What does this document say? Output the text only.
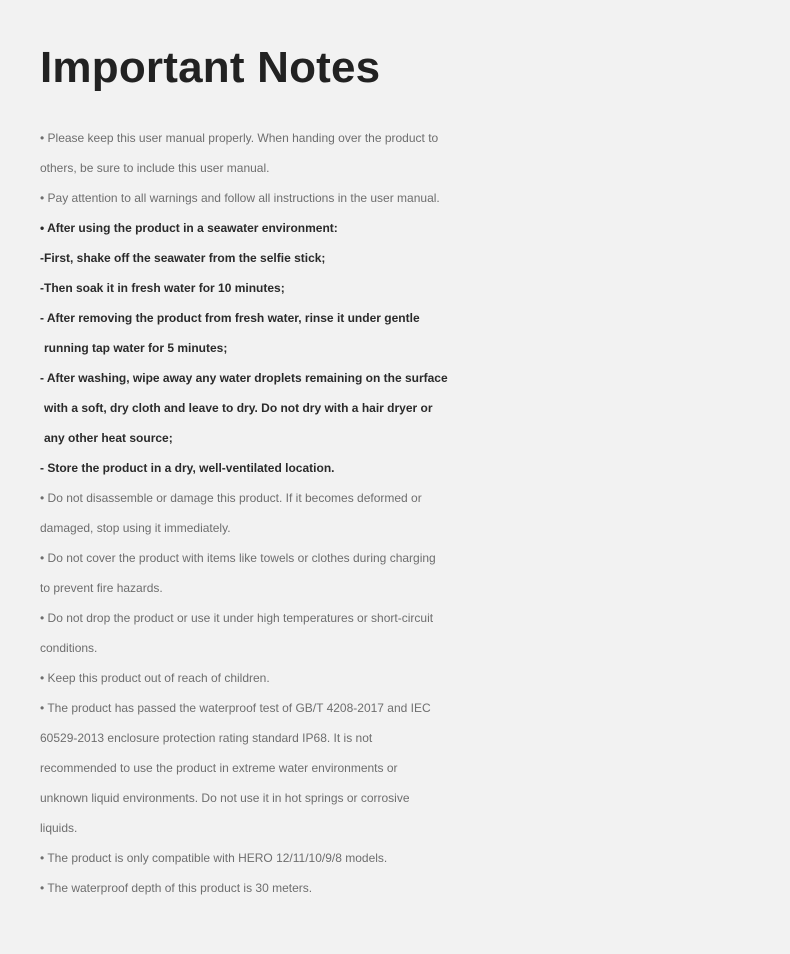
Important Notes
• Please keep this user manual properly. When handing over the product to
others, be sure to include this user manual.
• Pay attention to all warnings and follow all instructions in the user manual.
• After using the product in a seawater environment:
-First, shake off the seawater from the selfie stick;
-Then soak it in fresh water for 10 minutes;
- After removing the product from fresh water, rinse it under gentle
running tap water for 5 minutes;
- After washing, wipe away any water droplets remaining on the surface
with a soft, dry cloth and leave to dry. Do not dry with a hair dryer or
any other heat source;
- Store the product in a dry, well-ventilated location.
• Do not disassemble or damage this product. If it becomes deformed or
damaged, stop using it immediately.
• Do not cover the product with items like towels or clothes during charging
to prevent fire hazards.
• Do not drop the product or use it under high temperatures or short-circuit
conditions.
• Keep this product out of reach of children.
• The product has passed the waterproof test of GB/T 4208-2017 and IEC
60529-2013 enclosure protection rating standard IP68. It is not
recommended to use the product in extreme water environments or
unknown liquid environments. Do not use it in hot springs or corrosive
liquids.
• The product is only compatible with HERO 12/11/10/9/8 models.
• The waterproof depth of this product is 30 meters.
